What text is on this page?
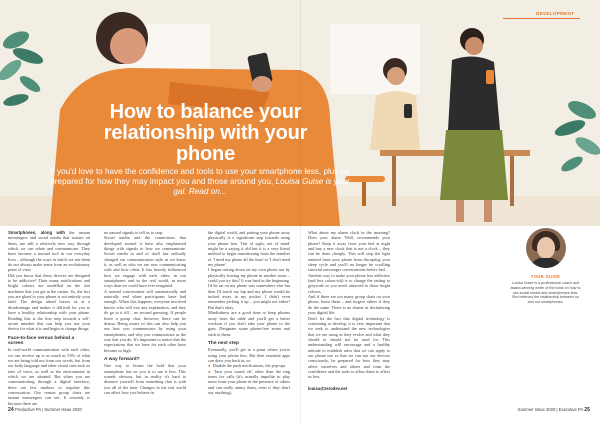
DEVELOPMENT
How to balance your relationship with your phone

If you'd love to have the confidence and tools to use your smartphone less, plus be prepared for how they may impact you and those around you, Louisa Guise is your gal. Read on...

Smartphones, along with the instant messengers and social media that sustain on them, are still a relatively new way through which we can relate and communicate. They have become a normal tool in our everyday lives – although the ways in which we use them do not always make sense from an evolutionary point of view.

Did you know that these devices are designed to be addictive? Their many notifications and bright colours are modelled on the slot machines that you get at the casino. So, the fact you are glued to your phone is not entirely your fault. The design ahead leaves us at a disadvantage and makes it difficult for you to have a healthy relationship with your phone. Reading this is the first step towards a self-aware mindset that can help you use your device for what it is and begin to change things.

Face-to-face versus behind a screen

In real-world communication with each other, we can receive up to as much as 93% of what we are being told not from our words, but from our body language and other visual cues such as tone of voice, as well as the environment in which we are situated. But when you are communicating through a digital interface, there are few markers to regulate this conversation. Our reason group chats are instant messengers can see. It certainly is because there are

no natural signals to tell us to stop.

Social media and the connections that developed around it have also emphasised things with signals to how we communicate. Social media in and of itself has radically changed our communication style as we know it, as well as who we are now communicating with and how often. It has heavily influenced how we engage with each other, in our smartphones and in the real world, in more ways than we could have ever imagined.

A normal conversation will automatically and naturally end when participants have had enough. When this happens, everyone involved knows who will exit any explanation, and they do go to it till – no second guessing. If people leave a group chat, however, there can be drama. Being aware of this can also help you use how you communicate by using your smartphones, and why you communicate as the way that you do. It's important to notice that the expectations that we have for each other have become so high.

A way forward?

One way to lessen the hold that your smartphone has on you is to use it less. This sounds obvious, but in reality it's hard to distance yourself from something that is with you all of the time. Changes in the real world can affect how you behave in

the digital world, and putting your phone away physically is a significant step towards using your phone less. 'Out of sight, out of mind' might be a saying it old but it is a very literal method to begin transitioning from the mindset of 'I need my phone all the time' to 'I don't need my phone'.

I began cutting down on my own phone use by physically leaving my phone in another room – could you try this? It was hard in the beginning. I'd be sat on my phone was somewhere else but then I'd touch my hip and my phone would be tucked away in my pocket. I didn't even remember picking it up – you might not either! But that's okay.

Mindfulness are a good time to keep phones away from the table and you'll get a better workout if you don't take your phone to the gym. Designate some phone-free zones and stick to them.

The next step

Eventually, you'll get to a point where you're using your phone less. But then essential apps can draw you back in, so:

● Disable the push notifications, the pop-ups.

● Turn your sound off, other than the ring tones for calls (it's actually impolite to play noise from your phone in the presence of others and can really annoy them, even if they don't say anything).

What about my alarm clock in the morning? Does your alarm 'Well, recommends your phone? Keep it away from your bed at night and buy a new clock that is not a clock – they can be done cheaply. This will stop the light emitted from your phone from disrupting your sleep cycle and you'll no longer be scrolling stressful messenger conversations before bed.

Another way to make your phone less addictive (and less colour-ish) is to change the setting to greyscale so you aren't attracted to those bright colours.

And if there are too many group chats on your phone, leave them – and forgive others if they do the same. There is no shame in decluttering your digital life.

Don't let the fact that digital technology is continuing to develop, it is very important that we seek to understand the new technologies that we are using as they evolve and what they should or should not be used for. This understanding will encourage and a healthy attitude to establish rules that we can apply to our phone use so that we can use our devices consciously, be prepared for how they may affect ourselves and others and form the confidence and the tools to allow them to affect us less.

louisa@zerodev.net
YOUR GUIDE
Louisa Guise is a professional coach and award-winning writer of the book on how to use social media and smartphones less. She believes the relationship between us and our smartphones.
24 Productive PA | Summer Issue 2020	Summer Issue 2020 | Executive PA 25
